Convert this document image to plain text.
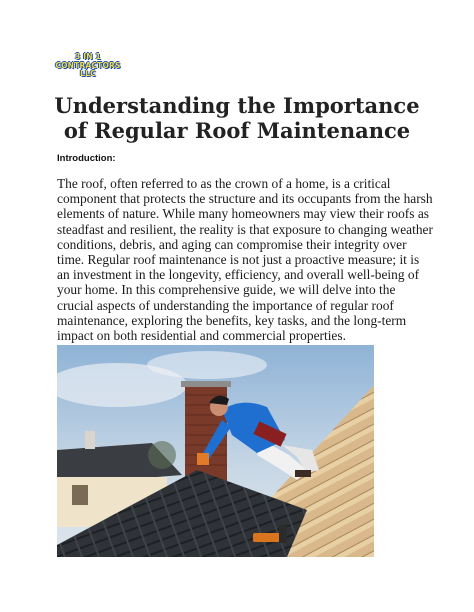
3 IN 1
CONTRACTORS
LLC
Understanding the Importance
of Regular Roof Maintenance

Introduction:

The roof, often referred to as the crown of a home, is a critical component that protects the structure and its occupants from the harsh elements of nature. While many homeowners may view their roofs as steadfast and resilient, the reality is that exposure to changing weather conditions, debris, and aging can compromise their integrity over time. Regular roof maintenance is not just a proactive measure; it is an investment in the longevity, efficiency, and overall well-being of your home. In this comprehensive guide, we will delve into the crucial aspects of understanding the importance of regular roof maintenance, exploring the benefits, key tasks, and the long-term impact on both residential and commercial properties.
